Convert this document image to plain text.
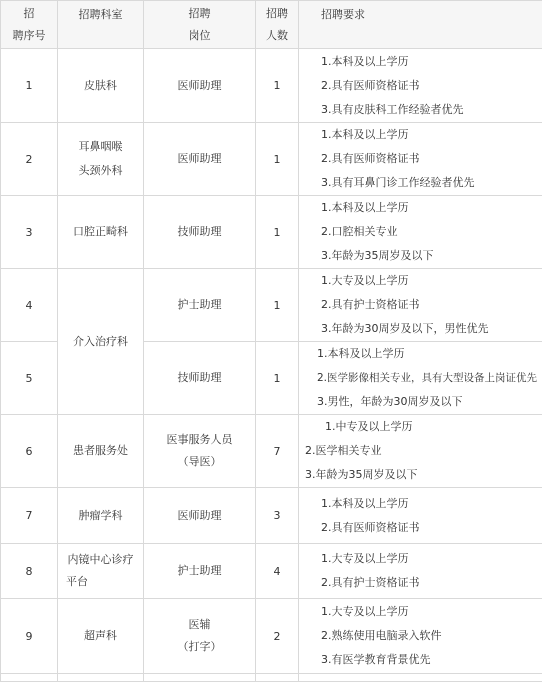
招
聘序号	招聘科室	招聘
岗位	招聘
人数	招聘要求

1	皮肤科	医师助理	1	1.本科及以上学历
2.具有医师资格证书
3.具有皮肤科工作经验者优先

2	耳鼻咽喉
头颈外科	医师助理	1	1.本科及以上学历
2.具有医师资格证书
3.具有耳鼻门诊工作经验者优先

3	口腔正畸科	技师助理	1	1.本科及以上学历
2.口腔相关专业
3.年龄为35周岁及以下

4	介入治疗科	护士助理	1	1.大专及以上学历
2.具有护士资格证书
3.年龄为30周岁及以下，男性优先

5		技师助理	1	1.本科及以上学历
2.医学影像相关专业，具有大型设备上岗证优先
3.男性，年龄为30周岁及以下

6	患者服务处	医事服务人员
（导医）	7	1.中专及以上学历
2.医学相关专业
3.年龄为35周岁及以下

7	肿瘤学科	医师助理	3	1.本科及以上学历
2.具有医师资格证书

8	内镜中心诊疗
平台	护士助理	4	1.大专及以上学历
2.具有护士资格证书

9	超声科	医辅
（打字）	2	1.大专及以上学历
2.熟练使用电脑录入软件
3.有医学教育背景优先
